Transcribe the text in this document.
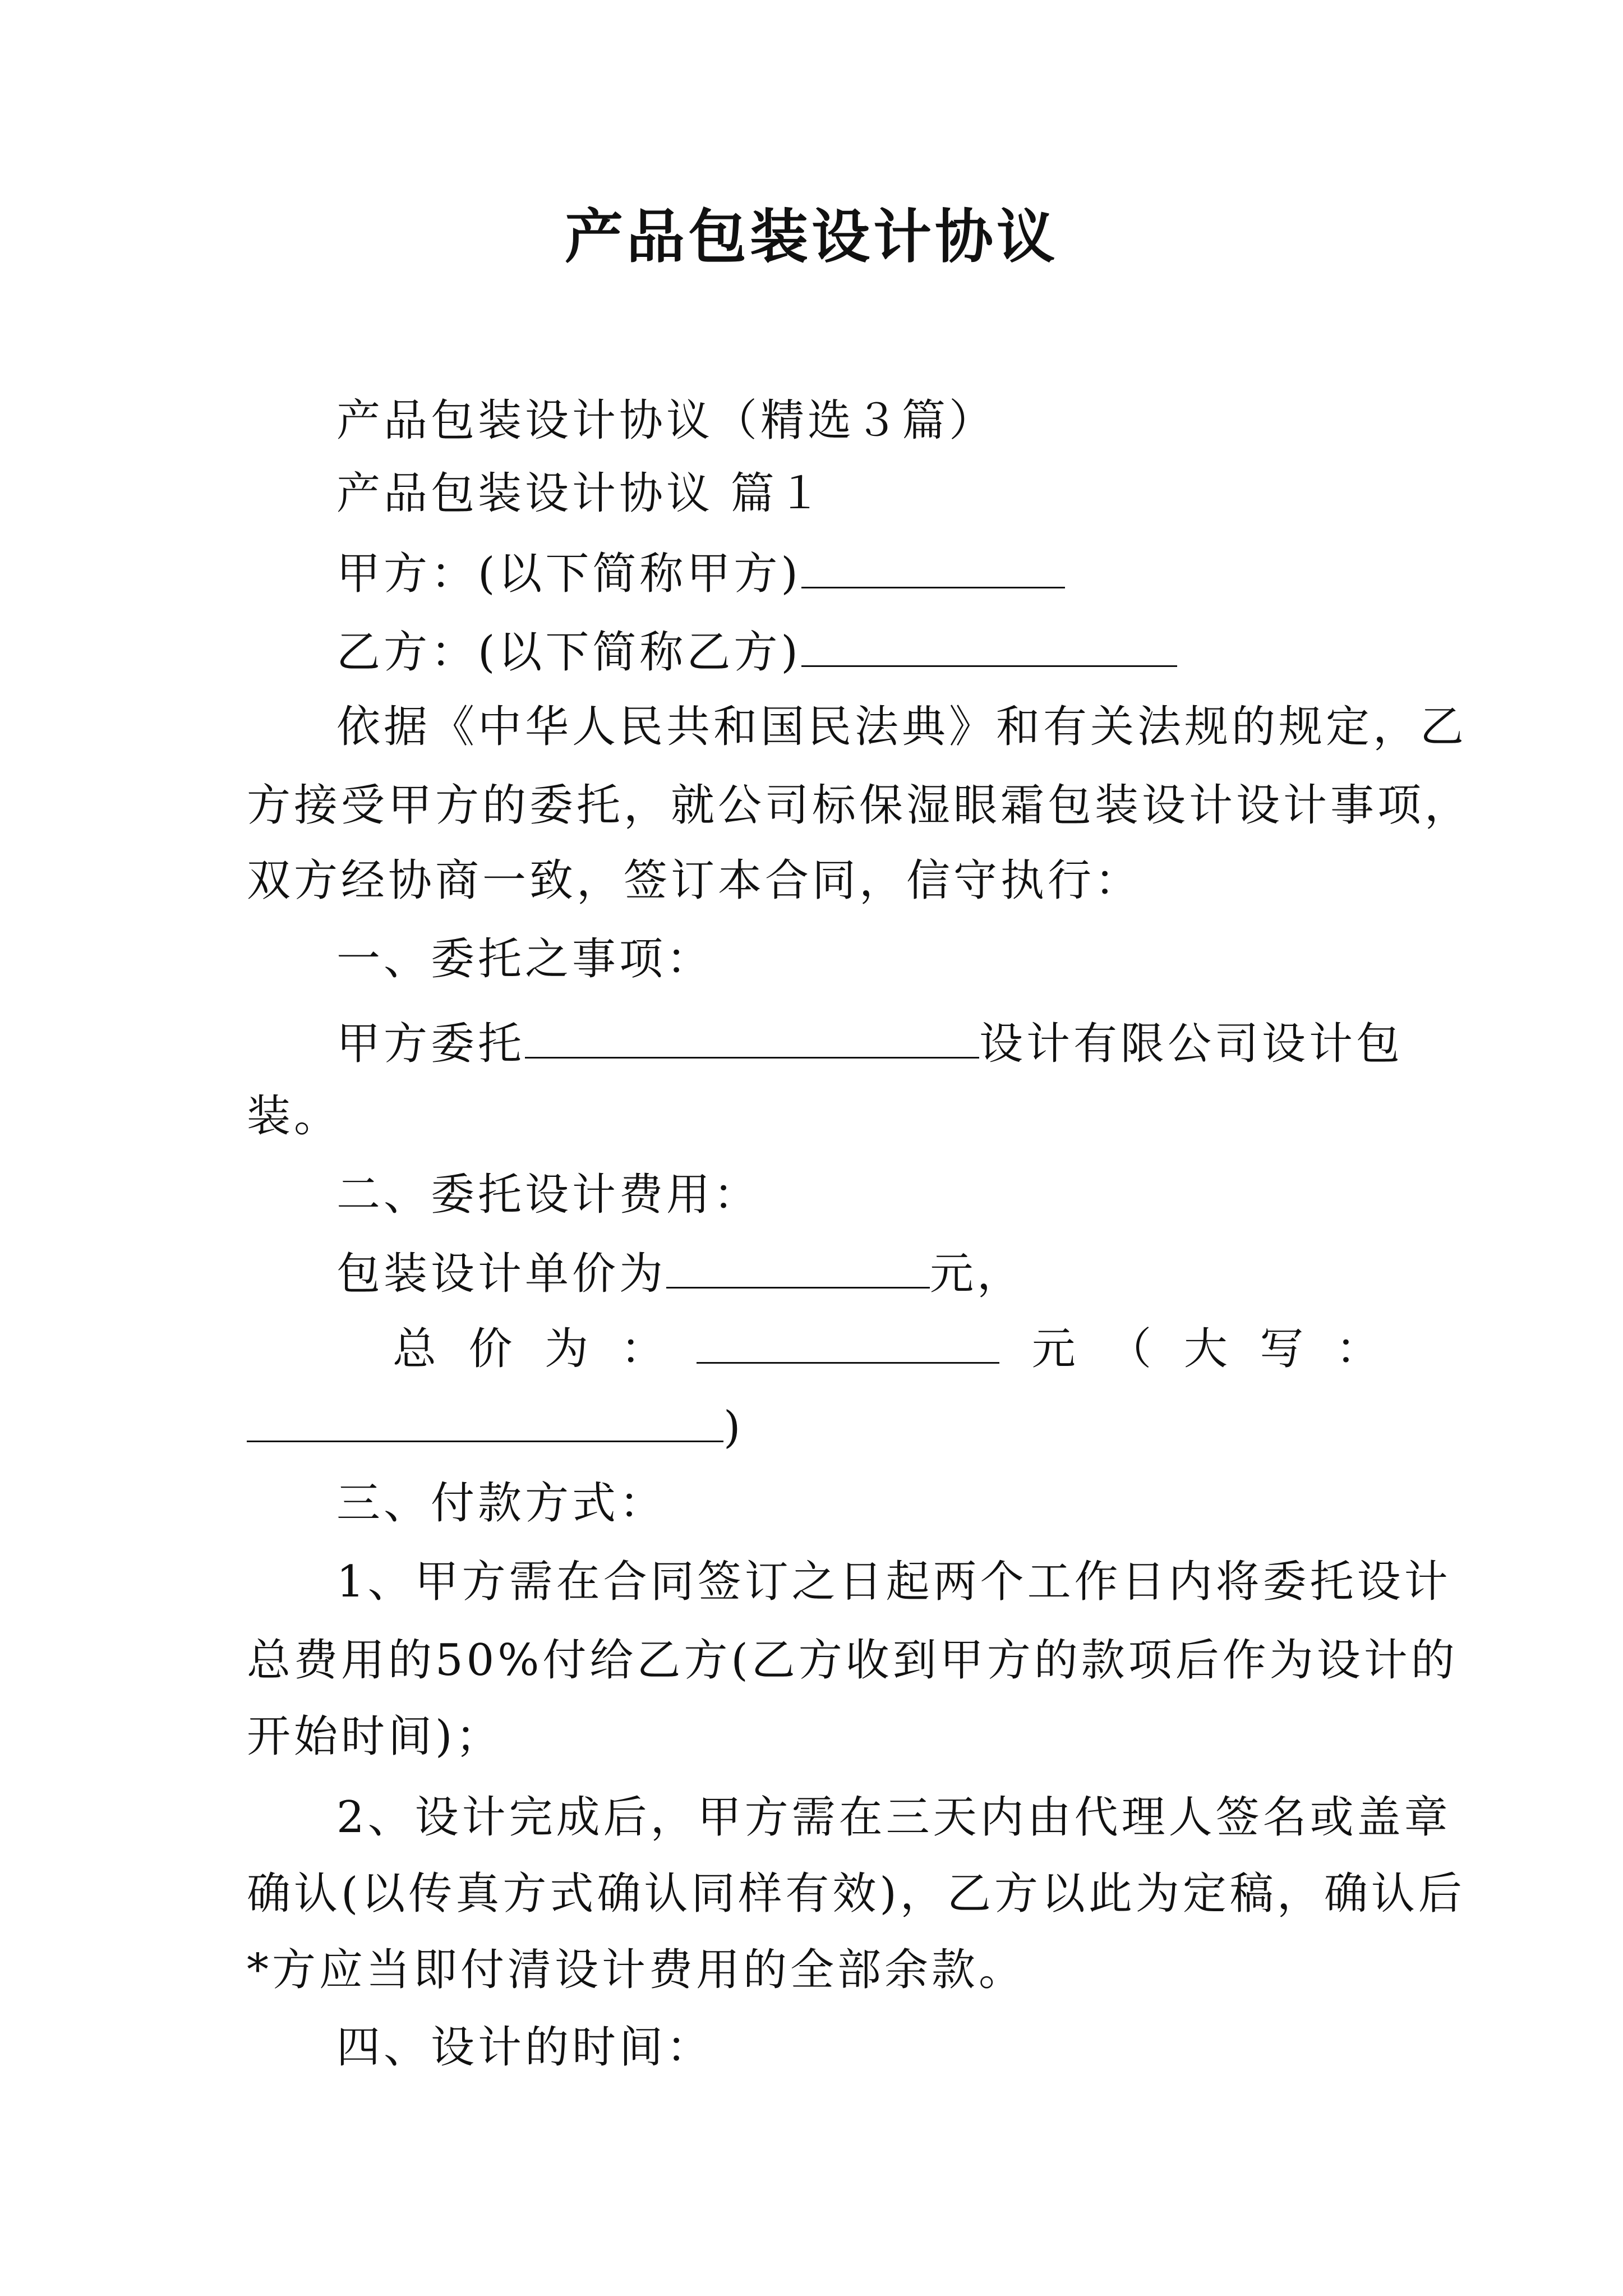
产品包装设计协议

产品包装设计协议（精选３篇）

产品包装设计协议 篇１

甲方：(以下简称甲方)

乙方：(以下简称乙方)

依据《中华人民共和国民法典》和有关法规的规定，乙

方接受甲方的委托，就公司标保湿眼霜包装设计设计事项，

双方经协商一致，签订本合同，信守执行：

一、委托之事项：

甲方委托	设计有限公司设计包

装。

二、委托设计费用：

包装设计单价为	元，

总 价 为 ：	元 （ 大 写 ：

)

三、付款方式：

1、甲方需在合同签订之日起两个工作日内将委托设计

总费用的50%付给乙方(乙方收到甲方的款项后作为设计的

开始时间)；

2、设计完成后，甲方需在三天内由代理人签名或盖章

确认(以传真方式确认同样有效)，乙方以此为定稿，确认后

*方应当即付清设计费用的全部余款。

四、设计的时间：
